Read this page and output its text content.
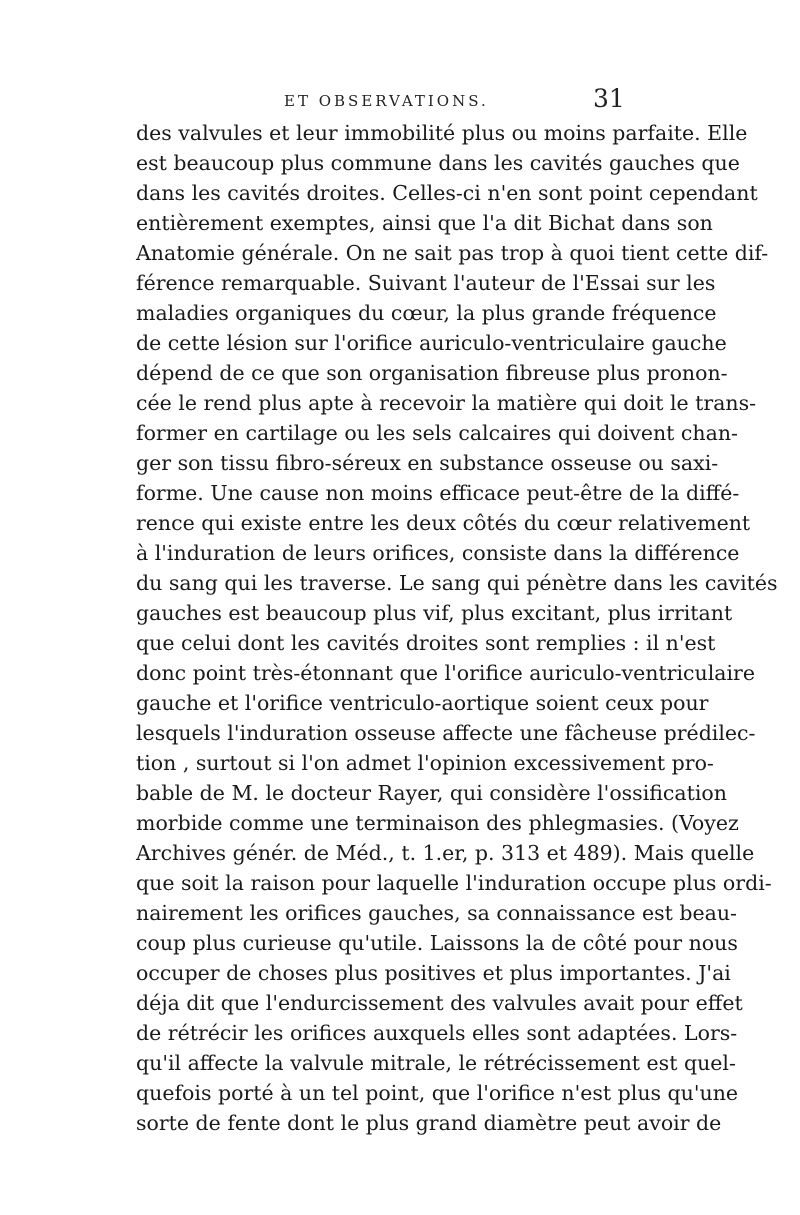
ET OBSERVATIONS.	31
des valvules et leur immobilité plus ou moins parfaite. Elle
est beaucoup plus commune dans les cavités gauches que
dans les cavités droites. Celles-ci n'en sont point cependant
entièrement exemptes, ainsi que l'a dit Bichat dans son
Anatomie générale. On ne sait pas trop à quoi tient cette dif-
férence remarquable. Suivant l'auteur de l'Essai sur les
maladies organiques du cœur, la plus grande fréquence
de cette lésion sur l'orifice auriculo-ventriculaire gauche
dépend de ce que son organisation fibreuse plus pronon-
cée le rend plus apte à recevoir la matière qui doit le trans-
former en cartilage ou les sels calcaires qui doivent chan-
ger son tissu fibro-séreux en substance osseuse ou saxi-
forme. Une cause non moins efficace peut-être de la diffé-
rence qui existe entre les deux côtés du cœur relativement
à l'induration de leurs orifices, consiste dans la différence
du sang qui les traverse. Le sang qui pénètre dans les cavités
gauches est beaucoup plus vif, plus excitant, plus irritant
que celui dont les cavités droites sont remplies : il n'est
donc point très-étonnant que l'orifice auriculo-ventriculaire
gauche et l'orifice ventriculo-aortique soient ceux pour
lesquels l'induration osseuse affecte une fâcheuse prédilec-
tion , surtout si l'on admet l'opinion excessivement pro-
bable de M. le docteur Rayer, qui considère l'ossification
morbide comme une terminaison des phlegmasies. (Voyez
Archives génér. de Méd., t. 1.er, p. 313 et 489). Mais quelle
que soit la raison pour laquelle l'induration occupe plus ordi-
nairement les orifices gauches, sa connaissance est beau-
coup plus curieuse qu'utile. Laissons la de côté pour nous
occuper de choses plus positives et plus importantes. J'ai
déja dit que l'endurcissement des valvules avait pour effet
de rétrécir les orifices auxquels elles sont adaptées. Lors-
qu'il affecte la valvule mitrale, le rétrécissement est quel-
quefois porté à un tel point, que l'orifice n'est plus qu'une
sorte de fente dont le plus grand diamètre peut avoir de
